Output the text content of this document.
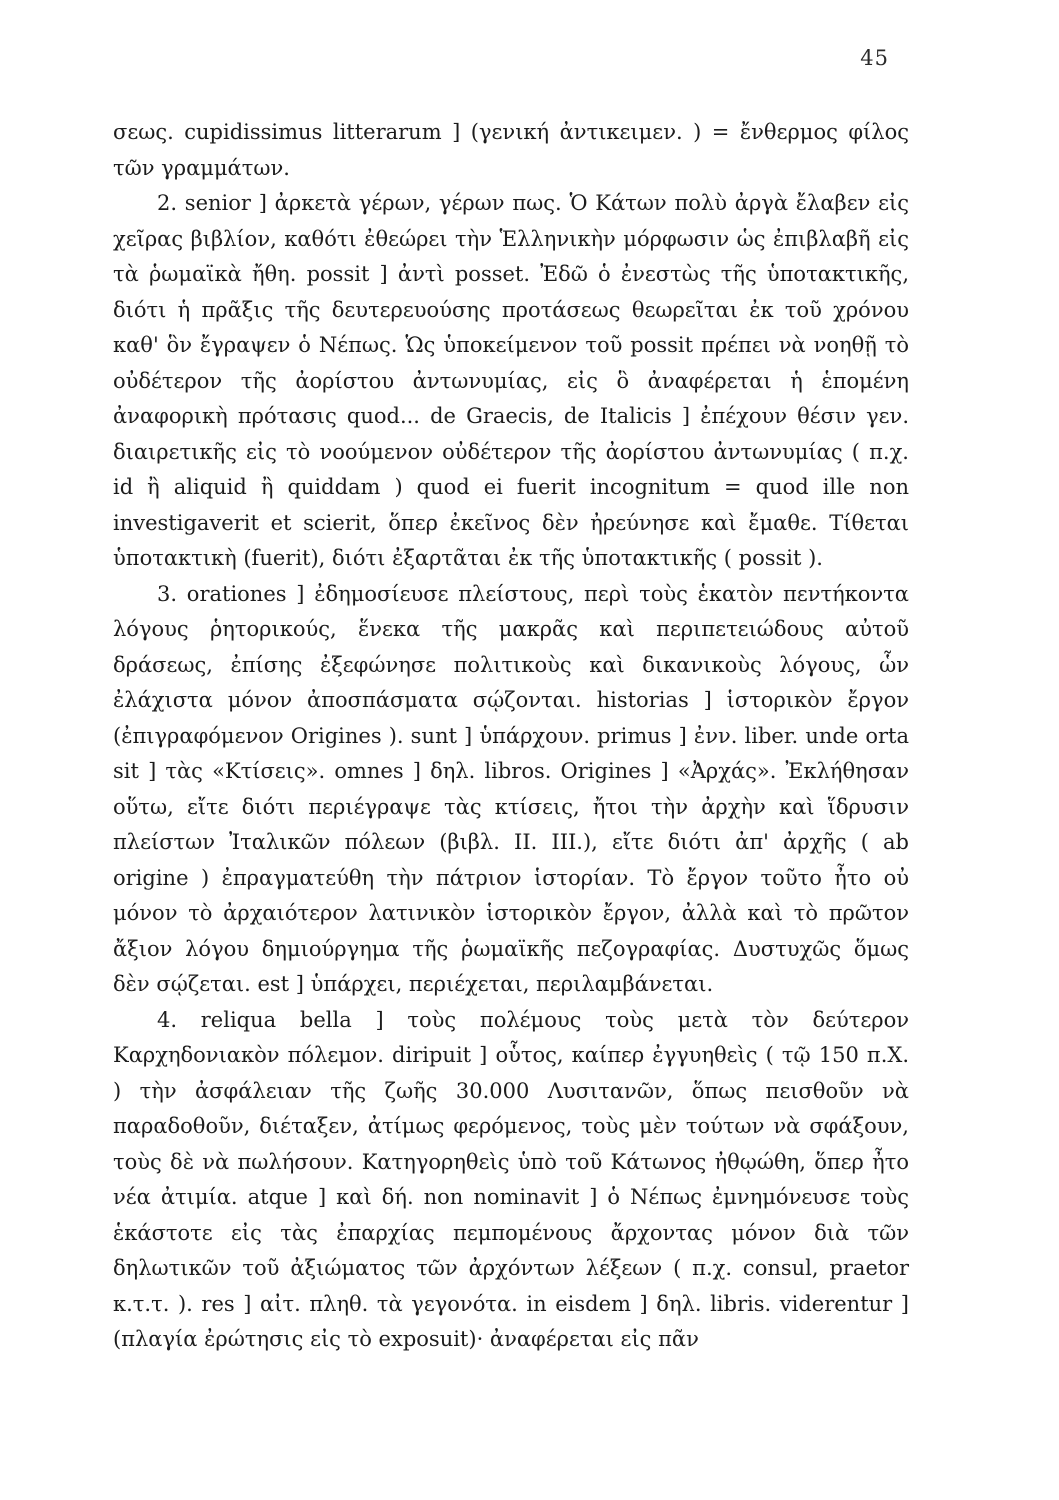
45

σεως. cupidissimus litterarum ] (γενική ἀντικειμεν. ) = ἔνθερμος φίλος τῶν γραμμάτων.

2. senior ] ἀρκετὰ γέρων, γέρων πως. Ὁ Κάτων πολὺ ἀργὰ ἔλαβεν εἰς χεῖρας βιβλίον, καθότι ἐθεώρει τὴν Ἑλληνικὴν μόρφωσιν ὡς ἐπιβλαβῆ εἰς τὰ ῥωμαϊκὰ ἤθη. possit ] ἀντὶ posset. Ἐδῶ ὁ ἐνεστὼς τῆς ὑποτακτικῆς, διότι ἡ πρᾶξις τῆς δευτερευούσης προτάσεως θεωρεῖται ἐκ τοῦ χρόνου καθ' ὃν ἔγραψεν ὁ Νέπως. Ὡς ὑποκείμενον τοῦ possit πρέπει νὰ νοηθῇ τὸ οὐδέτερον τῆς ἀορίστου ἀντωνυμίας, εἰς ὃ ἀναφέρεται ἡ ἑπομένη ἀναφορικὴ πρότασις quod... de Graecis, de Italicis ] ἐπέχουν θέσιν γεν. διαιρετικῆς εἰς τὸ νοούμενον οὐδέτερον τῆς ἀορίστου ἀντωνυμίας ( π.χ. id ἢ aliquid ἢ quiddam ) quod ei fuerit incognitum = quod ille non investigaverit et scierit, ὅπερ ἐκεῖνος δὲν ἠρεύνησε καὶ ἔμαθε. Τίθεται ὑποτακτικὴ (fuerit), διότι ἐξαρτᾶται ἐκ τῆς ὑποτακτικῆς ( possit ).

3. orationes ] ἐδημοσίευσε πλείστους, περὶ τοὺς ἑκατὸν πεντήκοντα λόγους ῥητορικούς, ἕνεκα τῆς μακρᾶς καὶ περιπετειώδους αὐτοῦ δράσεως, ἐπίσης ἐξεφώνησε πολιτικοὺς καὶ δικανικοὺς λόγους, ὧν ἐλάχιστα μόνον ἀποσπάσματα σῴζονται. historias ] ἱστορικὸν ἔργον (ἐπιγραφόμενον Origines ). sunt ] ὑπάρχουν. primus ] ἐνν. liber. unde orta sit ] τὰς «Κτίσεις». omnes ] δηλ. libros. Origines ] «Ἀρχάς». Ἐκλήθησαν οὕτω, εἴτε διότι περιέγραψε τὰς κτίσεις, ἤτοι τὴν ἀρχὴν καὶ ἵδρυσιν πλείστων Ἰταλικῶν πόλεων (βιβλ. II. III.), εἴτε διότι ἀπ' ἀρχῆς ( ab origine ) ἐπραγματεύθη τὴν πάτριον ἱστορίαν. Τὸ ἔργον τοῦτο ἦτο οὐ μόνον τὸ ἀρχαιότερον λατινικὸν ἱστορικὸν ἔργον, ἀλλὰ καὶ τὸ πρῶτον ἄξιον λόγου δημιούργημα τῆς ῥωμαϊκῆς πεζογραφίας. Δυστυχῶς ὅμως δὲν σῴζεται. est ] ὑπάρχει, περιέχεται, περιλαμβάνεται.

4. reliqua bella ] τοὺς πολέμους τοὺς μετὰ τὸν δεύτερον Καρχηδονιακὸν πόλεμον. diripuit ] οὗτος, καίπερ ἐγγυηθεὶς ( τῷ 150 π.Χ. ) τὴν ἀσφάλειαν τῆς ζωῆς 30.000 Λυσιτανῶν, ὅπως πεισθοῦν νὰ παραδοθοῦν, διέταξεν, ἀτίμως φερόμενος, τοὺς μὲν τούτων νὰ σφάξουν, τοὺς δὲ νὰ πωλήσουν. Κατηγορηθεὶς ὑπὸ τοῦ Κάτωνος ἠθῳώθη, ὅπερ ἦτο νέα ἀτιμία. atque ] καὶ δή. non nominavit ] ὁ Νέπως ἐμνημόνευσε τοὺς ἑκάστοτε εἰς τὰς ἐπαρχίας πεμπομένους ἄρχοντας μόνον διὰ τῶν δηλωτικῶν τοῦ ἀξιώματος τῶν ἀρχόντων λέξεων ( π.χ. consul, praetor κ.τ.τ. ). res ] αἰτ. πληθ. τὰ γεγονότα. in eisdem ] δηλ. libris. viderentur ] (πλαγία ἐρώτησις εἰς τὸ exposuit)· ἀναφέρεται εἰς πᾶν
